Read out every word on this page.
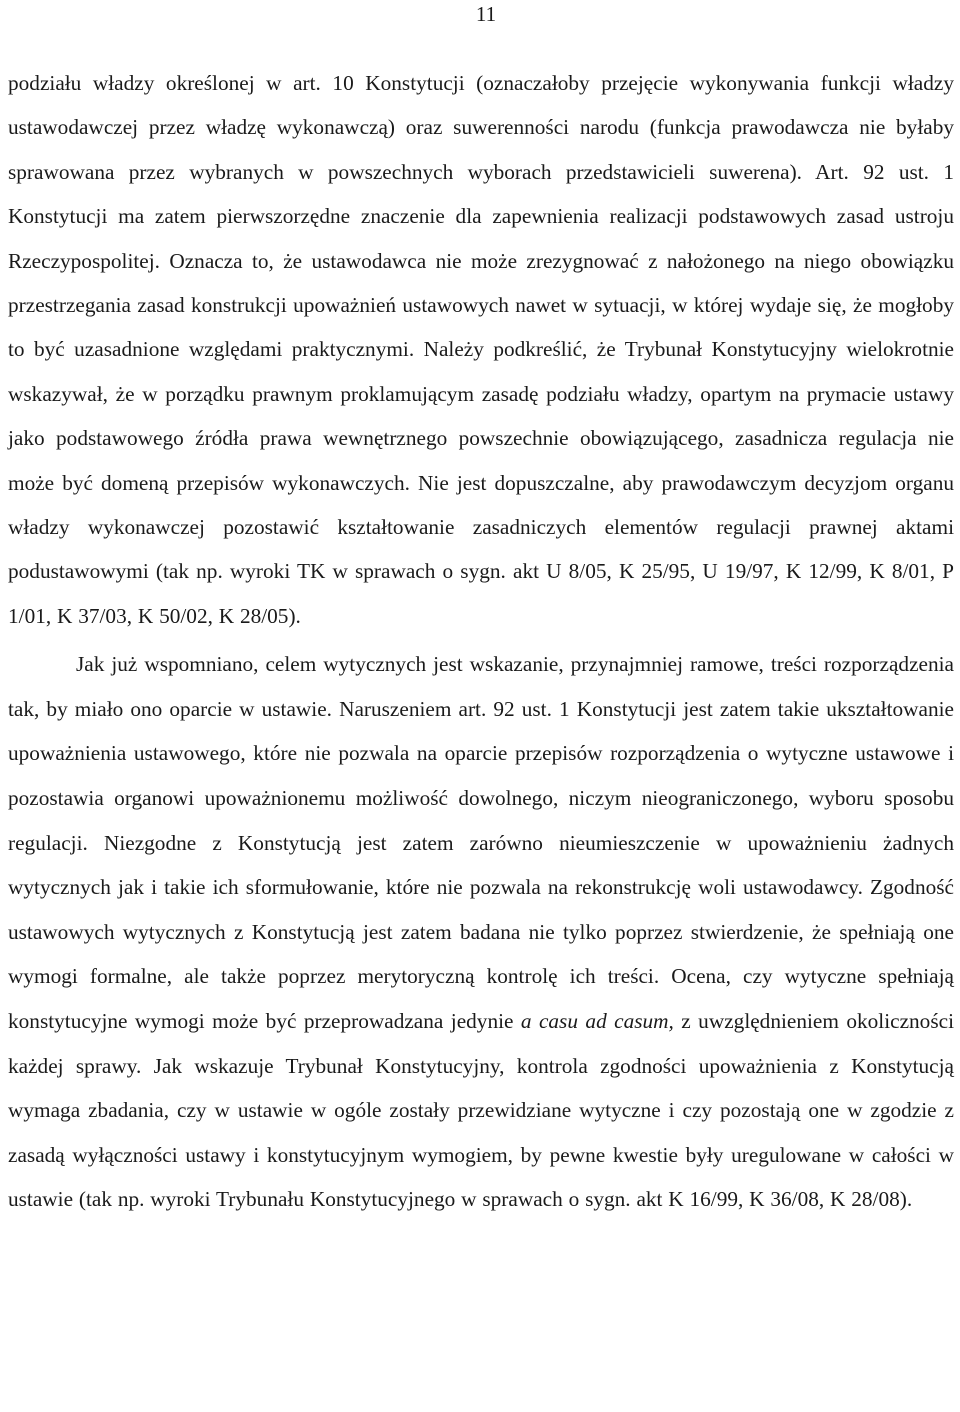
11

podziału władzy określonej w art. 10 Konstytucji (oznaczałoby przejęcie wykonywania funkcji władzy ustawodawczej przez władzę wykonawczą) oraz suwerenności narodu (funkcja prawodawcza nie byłaby sprawowana przez wybranych w powszechnych wyborach przedstawicieli suwerena). Art. 92 ust. 1 Konstytucji ma zatem pierwszorzędne znaczenie dla zapewnienia realizacji podstawowych zasad ustroju Rzeczypospolitej. Oznacza to, że ustawodawca nie może zrezygnować z nałożonego na niego obowiązku przestrzegania zasad konstrukcji upoważnień ustawowych nawet w sytuacji, w której wydaje się, że mogłoby to być uzasadnione względami praktycznymi. Należy podkreślić, że Trybunał Konstytucyjny wielokrotnie wskazywał, że w porządku prawnym proklamującym zasadę podziału władzy, opartym na prymacie ustawy jako podstawowego źródła prawa wewnętrznego powszechnie obowiązującego, zasadnicza regulacja nie może być domeną przepisów wykonawczych. Nie jest dopuszczalne, aby prawodawczym decyzjom organu władzy wykonawczej pozostawić kształtowanie zasadniczych elementów regulacji prawnej aktami podustawowymi (tak np. wyroki TK w sprawach o sygn. akt U 8/05, K 25/95, U 19/97, K 12/99, K 8/01, P 1/01, K 37/03, K 50/02, K 28/05).

Jak już wspomniano, celem wytycznych jest wskazanie, przynajmniej ramowe, treści rozporządzenia tak, by miało ono oparcie w ustawie. Naruszeniem art. 92 ust. 1 Konstytucji jest zatem takie ukształtowanie upoważnienia ustawowego, które nie pozwala na oparcie przepisów rozporządzenia o wytyczne ustawowe i pozostawia organowi upoważnionemu możliwość dowolnego, niczym nieograniczonego, wyboru sposobu regulacji. Niezgodne z Konstytucją jest zatem zarówno nieumieszczenie w upoważnieniu żadnych wytycznych jak i takie ich sformułowanie, które nie pozwala na rekonstrukcję woli ustawodawcy. Zgodność ustawowych wytycznych z Konstytucją jest zatem badana nie tylko poprzez stwierdzenie, że spełniają one wymogi formalne, ale także poprzez merytoryczną kontrolę ich treści. Ocena, czy wytyczne spełniają konstytucyjne wymogi może być przeprowadzana jedynie a casu ad casum, z uwzględnieniem okoliczności każdej sprawy. Jak wskazuje Trybunał Konstytucyjny, kontrola zgodności upoważnienia z Konstytucją wymaga zbadania, czy w ustawie w ogóle zostały przewidziane wytyczne i czy pozostają one w zgodzie z zasadą wyłączności ustawy i konstytucyjnym wymogiem, by pewne kwestie były uregulowane w całości w ustawie (tak np. wyroki Trybunału Konstytucyjnego w sprawach o sygn. akt K 16/99, K 36/08, K 28/08).
